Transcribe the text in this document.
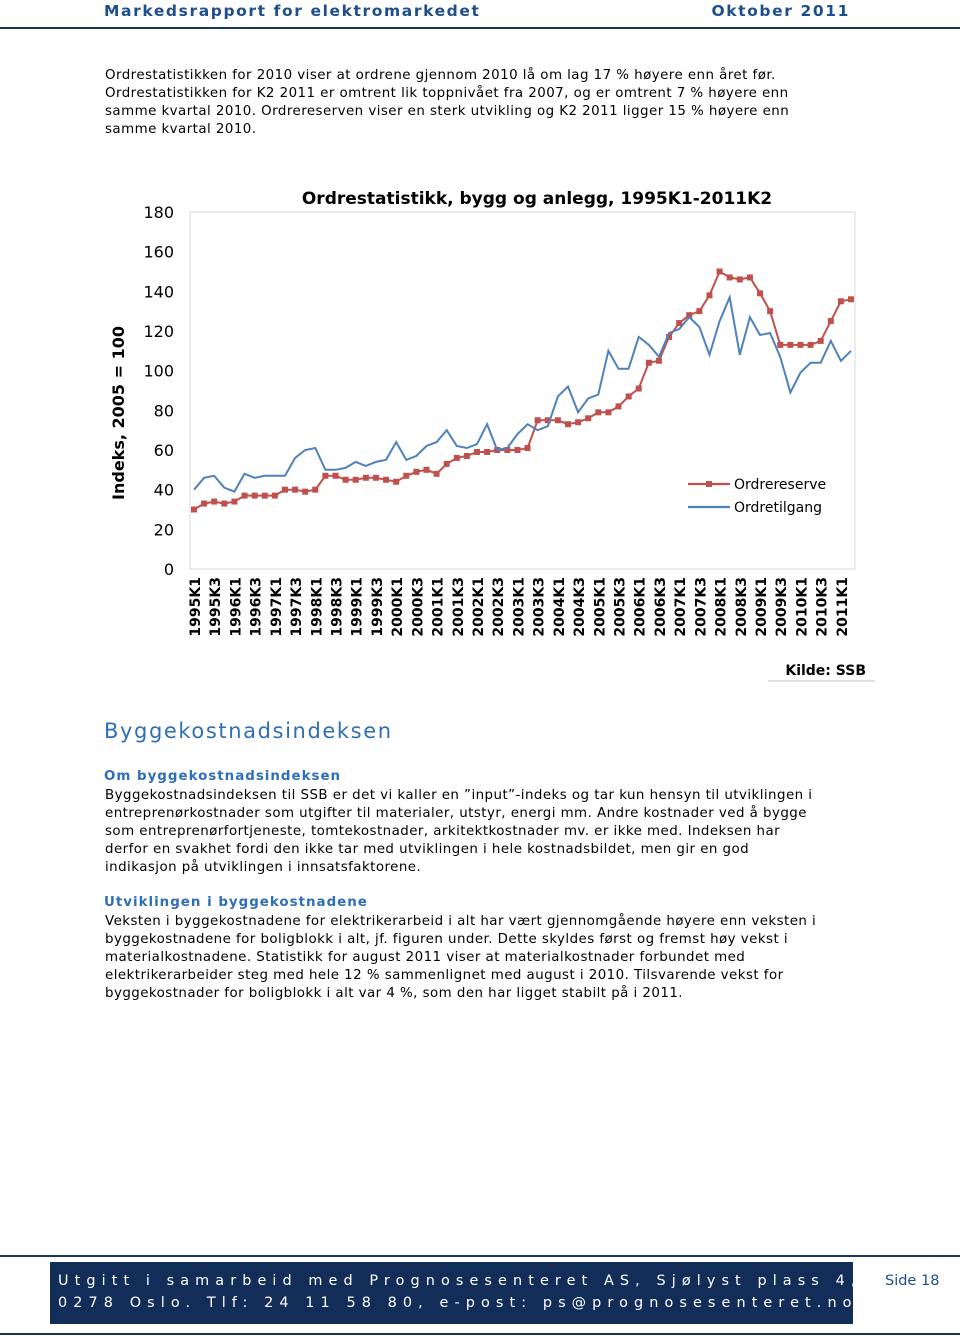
Markedsrapport for elektromarkedet	Oktober 2011

Ordrestatistikken for 2010 viser at ordrene gjennom 2010 lå om lag 17 % høyere enn året før.
Ordrestatistikken for K2 2011 er omtrent lik toppnivået fra 2007, og er omtrent 7 % høyere enn
samme kvartal 2010. Ordrereserven viser en sterk utvikling og K2 2011 ligger 15 % høyere enn
samme kvartal 2010.

Ordrestatistikk, bygg og anlegg, 1995K1-2011K2
0
20
40
60
80
100
120
140
160
180
Indeks, 2005 = 100
1995K1 1995K3 1996K1 1996K3 1997K1 1997K3 1998K1 1998K3 1999K1 1999K3 2000K1 2000K3 2001K1 2001K3 2002K1 2002K3 2003K1 2003K3 2004K1 2004K3 2005K1 2005K3 2006K1 2006K3 2007K1 2007K3 2008K1 2008K3 2009K1 2009K3 2010K1 2010K3 2011K1
Ordrereserve
Ordretilgang
Kilde: SSB
Byggekostnadsindeksen
Om byggekostnadsindeksen

Byggekostnadsindeksen til SSB er det vi kaller en ”input”-indeks og tar kun hensyn til utviklingen i
entreprenørkostnader som utgifter til materialer, utstyr, energi mm. Andre kostnader ved å bygge
som entreprenørfortjeneste, tomtekostnader, arkitektkostnader mv. er ikke med. Indeksen har
derfor en svakhet fordi den ikke tar med utviklingen i hele kostnadsbildet, men gir en god
indikasjon på utviklingen i innsatsfaktorene.

Utviklingen i byggekostnadene

Veksten i byggekostnadene for elektrikerarbeid i alt har vært gjennomgående høyere enn veksten i
byggekostnadene for boligblokk i alt, jf. figuren under. Dette skyldes først og fremst høy vekst i
materialkostnadene. Statistikk for august 2011 viser at materialkostnader forbundet med
elektrikerarbeider steg med hele 12 % sammenlignet med august i 2010. Tilsvarende vekst for
byggekostnader for boligblokk i alt var 4 %, som den har ligget stabilt på i 2011.

Utgitt i samarbeid med Prognosesenteret AS, Sjølyst plass 4,
0278 Oslo. Tlf: 24 11 58 80, e-post: ps@prognosesenteret.no
Side 18
